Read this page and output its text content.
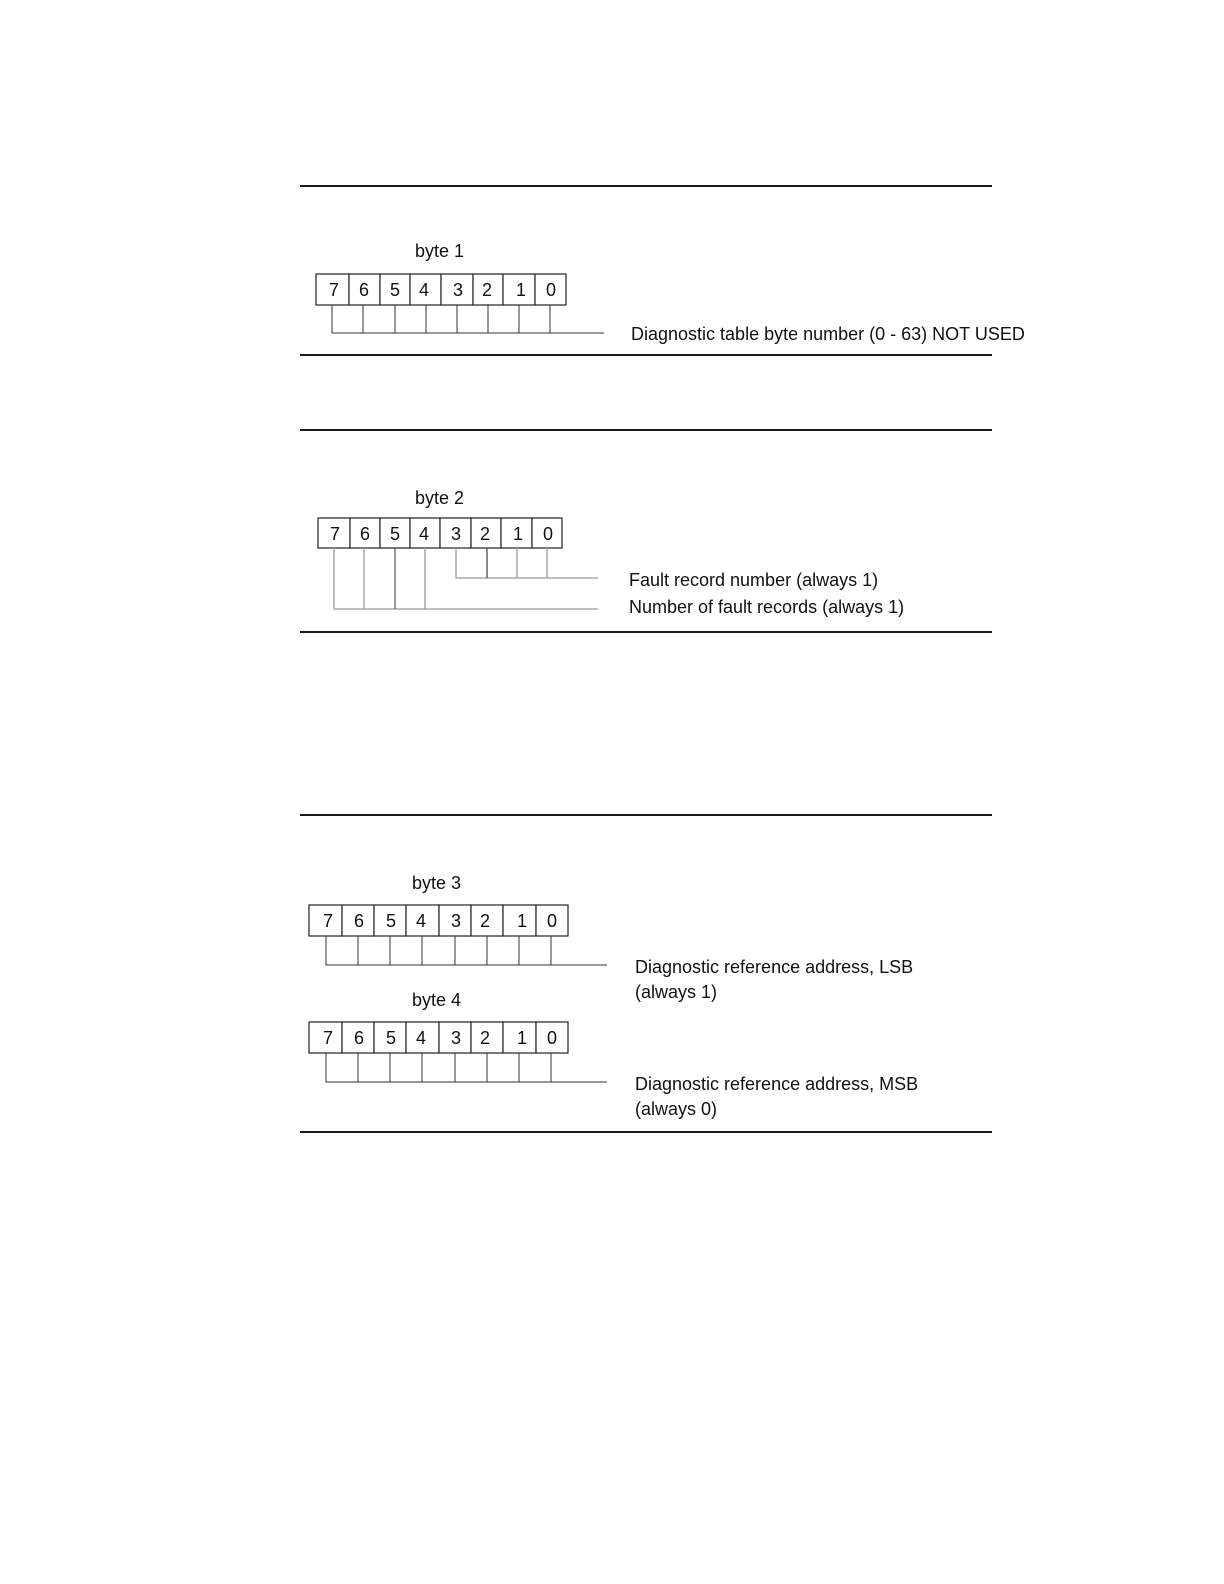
byte 1
7 6 5 4 3 2 1 0
Diagnostic table byte number (0 - 63) NOT USED
byte 2
7 6 5 4 3 2 1 0
Fault record number (always 1)
Number of fault records (always 1)
byte 3
7 6 5 4 3 2 1 0
Diagnostic reference address, LSB
(always 1)
byte 4
7 6 5 4 3 2 1 0
Diagnostic reference address, MSB
(always 0)
